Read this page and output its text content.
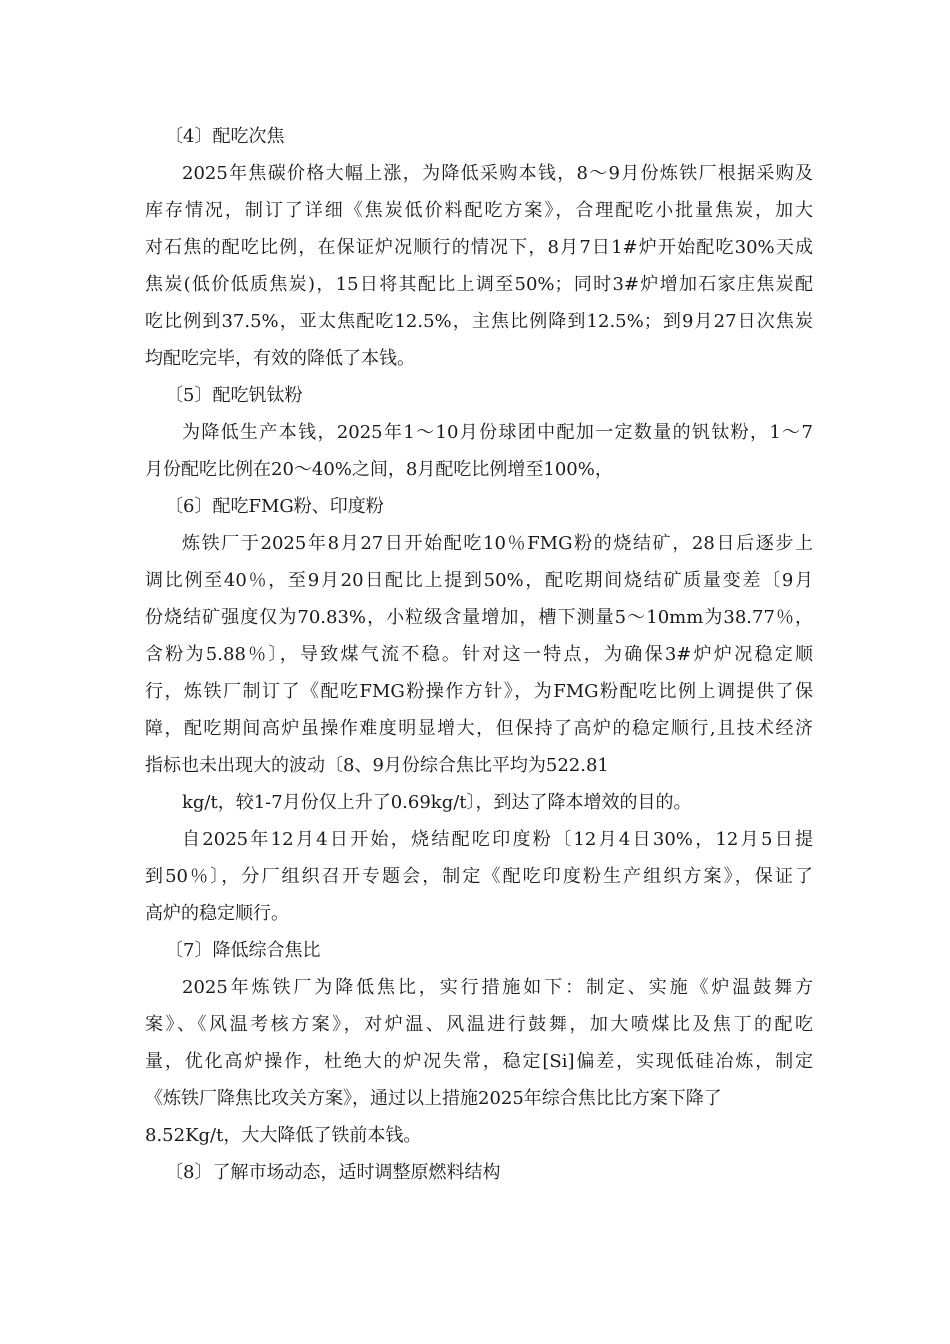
〔4〕配吃次焦
2025年焦碳价格大幅上涨，为降低采购本钱，8～9月份炼铁厂根据采购及
库存情况，制订了详细《焦炭低价料配吃方案》，合理配吃小批量焦炭，加大
对石焦的配吃比例，在保证炉况顺行的情况下，8月7日1#炉开始配吃30%天成
焦炭(低价低质焦炭)，15日将其配比上调至50%；同时3#炉增加石家庄焦炭配
吃比例到37.5%，亚太焦配吃12.5%，主焦比例降到12.5%；到9月27日次焦炭
均配吃完毕，有效的降低了本钱。
〔5〕配吃钒钛粉
为降低生产本钱，2025年1～10月份球团中配加一定数量的钒钛粉，1～7
月份配吃比例在20～40%之间，8月配吃比例增至100%，
〔6〕配吃FMG粉、印度粉
炼铁厂于2025年8月27日开始配吃10％FMG粉的烧结矿，28日后逐步上
调比例至40％，至9月20日配比上提到50%，配吃期间烧结矿质量变差〔9月
份烧结矿强度仅为70.83%，小粒级含量增加，槽下测量5～10mm为38.77％，
含粉为5.88％〕，导致煤气流不稳。针对这一特点，为确保3#炉炉况稳定顺
行，炼铁厂制订了《配吃FMG粉操作方针》，为FMG粉配吃比例上调提供了保
障，配吃期间高炉虽操作难度明显增大，但保持了高炉的稳定顺行,且技术经济
指标也未出现大的波动〔8、9月份综合焦比平均为522.81
kg/t，较1-7月份仅上升了0.69kg/t〕，到达了降本增效的目的。
自2025年12月4日开始，烧结配吃印度粉〔12月4日30%，12月5日提
到50％〕，分厂组织召开专题会，制定《配吃印度粉生产组织方案》，保证了
高炉的稳定顺行。
〔7〕降低综合焦比
2025年炼铁厂为降低焦比，实行措施如下：制定、实施《炉温鼓舞方
案》、《风温考核方案》，对炉温、风温进行鼓舞，加大喷煤比及焦丁的配吃
量，优化高炉操作，杜绝大的炉况失常，稳定[Si]偏差，实现低硅冶炼，制定
《炼铁厂降焦比攻关方案》，通过以上措施2025年综合焦比比方案下降了
8.52Kg/t，大大降低了铁前本钱。
〔8〕了解市场动态，适时调整原燃料结构
